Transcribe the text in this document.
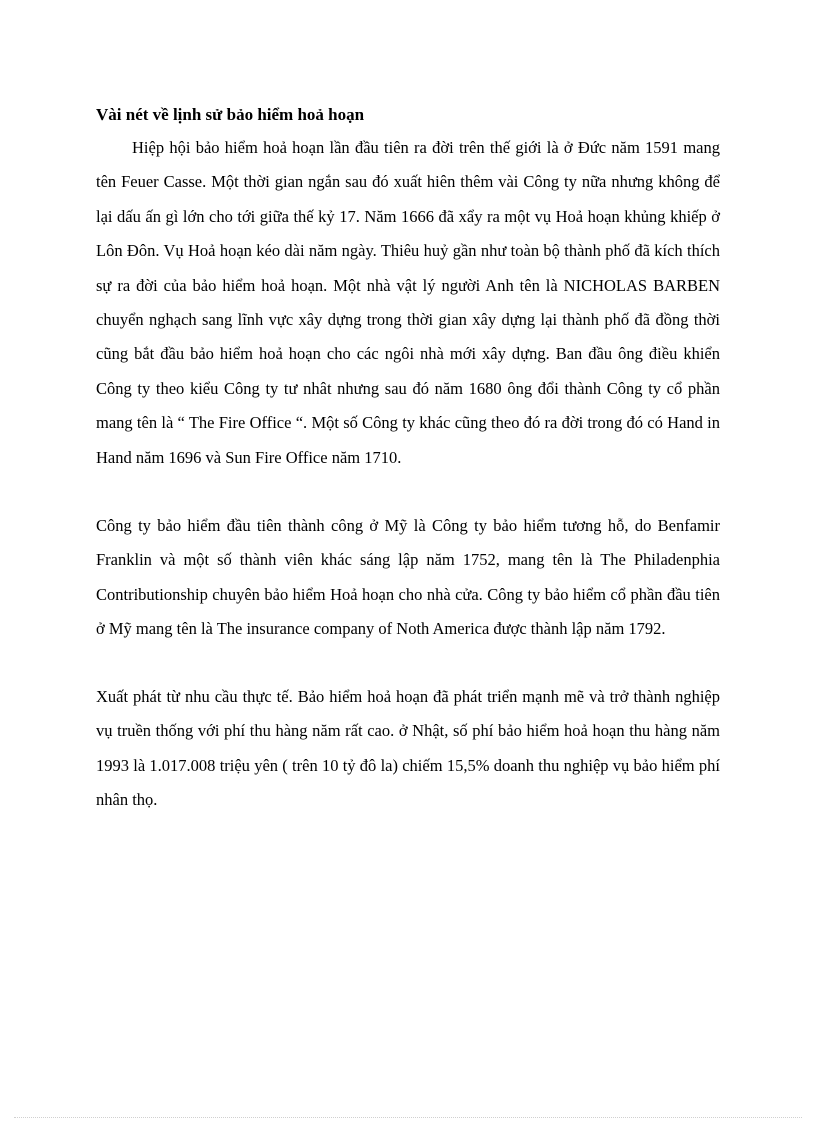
Vài nét về lịnh sử bảo hiểm hoả hoạn

Hiệp hội bảo hiểm hoả hoạn lần đầu tiên ra đời trên thế giới là ở Đức năm 1591 mang tên Feuer Casse. Một thời gian ngắn sau đó xuất hiên thêm vài Công ty nữa nhưng không để lại dấu ấn gì lớn cho tới giữa thế kỷ 17. Năm 1666 đã xẩy ra một vụ Hoả hoạn khủng khiếp ở Lôn Đôn. Vụ Hoả hoạn kéo dài năm ngày. Thiêu huỷ gần như toàn bộ thành phố đã kích thích sự ra đời của bảo hiểm hoả hoạn. Một nhà vật lý người Anh tên là NICHOLAS BARBEN chuyển nghạch sang lĩnh vực xây dựng trong thời gian xây dựng lại thành phố đã đồng thời cũng bắt đầu bảo hiểm hoả hoạn cho các ngôi nhà mới xây dựng. Ban đầu ông điều khiển Công ty theo kiểu Công ty tư nhât nhưng sau đó năm 1680 ông đổi thành Công ty cổ phần mang tên là “ The Fire Office “. Một số Công ty khác cũng theo đó ra đời trong đó có Hand in Hand năm 1696 và Sun Fire Office năm 1710.

Công ty bảo hiểm đầu tiên thành công ở Mỹ là Công ty bảo hiểm tương hỗ, do Benfamir Franklin và một số thành viên khác sáng lập năm 1752, mang tên là The Philadenphia Contributionship chuyên bảo hiểm Hoả hoạn cho nhà cửa. Công ty bảo hiểm cổ phần đầu tiên ở Mỹ mang tên là The insurance company of Noth America được thành lập năm 1792.

Xuất phát từ nhu cầu thực tế. Bảo hiểm hoả hoạn đã phát triển mạnh mẽ và trở thành nghiệp vụ truền thống với phí thu hàng năm rất cao. ở Nhật, số phí bảo hiểm hoả hoạn thu hàng năm 1993 là 1.017.008 triệu yên ( trên 10 tỷ đô la) chiếm 15,5% doanh thu nghiệp vụ bảo hiểm phí nhân thọ.
